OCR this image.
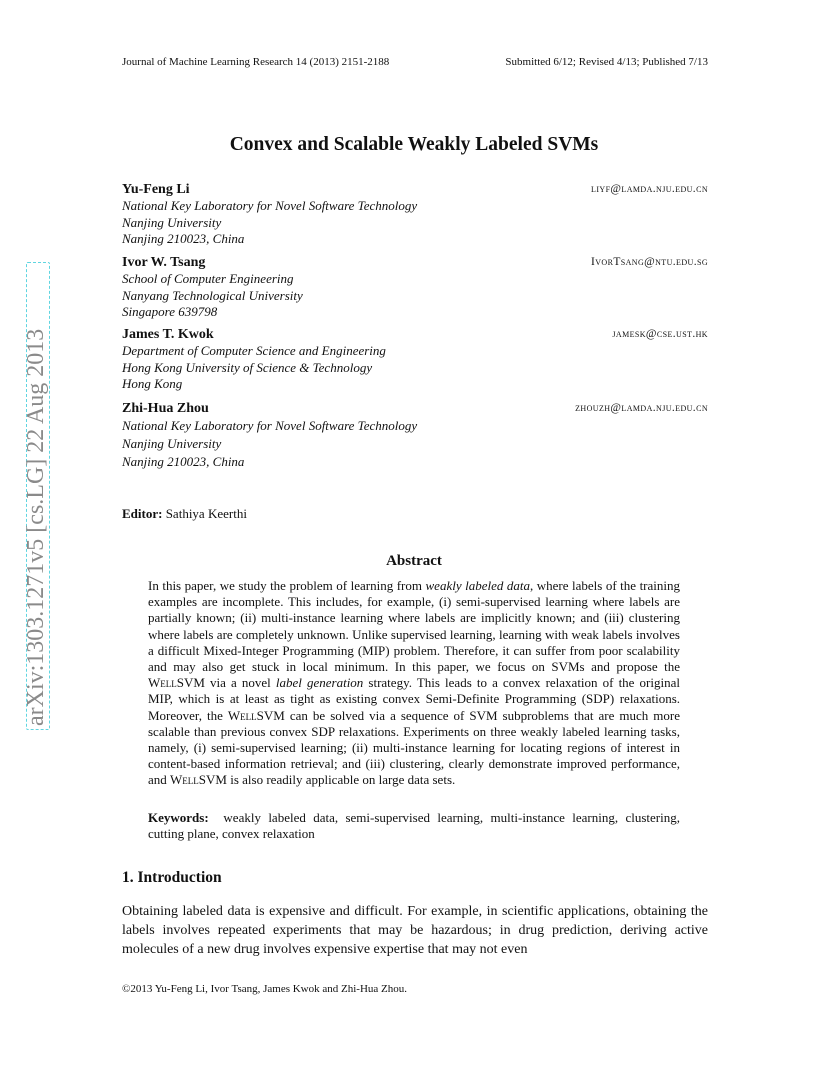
Journal of Machine Learning Research 14 (2013) 2151-2188	Submitted 6/12; Revised 4/13; Published 7/13
arXiv:1303.1271v5 [cs.LG] 22 Aug 2013
Convex and Scalable Weakly Labeled SVMs
Yu-Feng Li	liyf@lamda.nju.edu.cn
National Key Laboratory for Novel Software Technology
Nanjing University
Nanjing 210023, China
Ivor W. Tsang	IvorTsang@ntu.edu.sg
School of Computer Engineering
Nanyang Technological University
Singapore 639798
James T. Kwok	jamesk@cse.ust.hk
Department of Computer Science and Engineering
Hong Kong University of Science & Technology
Hong Kong
Zhi-Hua Zhou	zhouzh@lamda.nju.edu.cn
National Key Laboratory for Novel Software Technology
Nanjing University
Nanjing 210023, China
Editor: Sathiya Keerthi
Abstract
In this paper, we study the problem of learning from weakly labeled data, where labels of the training examples are incomplete. This includes, for example, (i) semi-supervised learning where labels are partially known; (ii) multi-instance learning where labels are implicitly known; and (iii) clustering where labels are completely unknown. Unlike supervised learning, learning with weak labels involves a difficult Mixed-Integer Programming (MIP) problem. Therefore, it can suffer from poor scalability and may also get stuck in local minimum. In this paper, we focus on SVMs and propose the WellSVM via a novel label generation strategy. This leads to a convex relaxation of the original MIP, which is at least as tight as existing convex Semi-Definite Programming (SDP) relaxations. Moreover, the WellSVM can be solved via a sequence of SVM subproblems that are much more scalable than previous convex SDP relaxations. Experiments on three weakly labeled learning tasks, namely, (i) semi-supervised learning; (ii) multi-instance learning for locating regions of interest in content-based information retrieval; and (iii) clustering, clearly demonstrate improved performance, and WellSVM is also readily applicable on large data sets.
Keywords: weakly labeled data, semi-supervised learning, multi-instance learning, clustering, cutting plane, convex relaxation
1. Introduction
Obtaining labeled data is expensive and difficult. For example, in scientific applications, obtaining the labels involves repeated experiments that may be hazardous; in drug prediction, deriving active molecules of a new drug involves expensive expertise that may not even
©2013 Yu-Feng Li, Ivor Tsang, James Kwok and Zhi-Hua Zhou.
